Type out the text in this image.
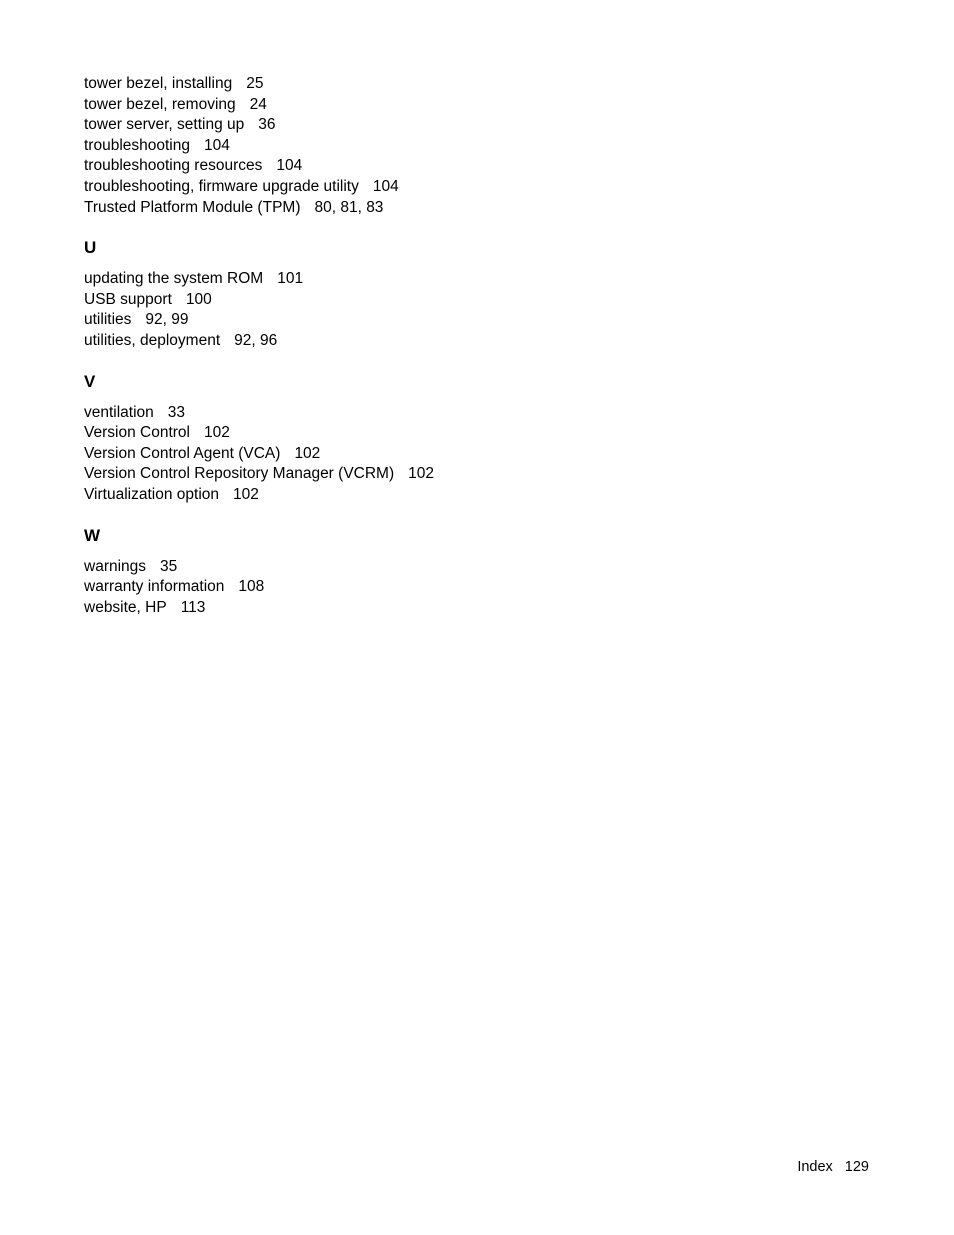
tower bezel, installing 25
tower bezel, removing 24
tower server, setting up 36
troubleshooting 104
troubleshooting resources 104
troubleshooting, firmware upgrade utility 104
Trusted Platform Module (TPM) 80, 81, 83
U
updating the system ROM 101
USB support 100
utilities 92, 99
utilities, deployment 92, 96
V
ventilation 33
Version Control 102
Version Control Agent (VCA) 102
Version Control Repository Manager (VCRM) 102
Virtualization option 102
W
warnings 35
warranty information 108
website, HP 113
Index 129
